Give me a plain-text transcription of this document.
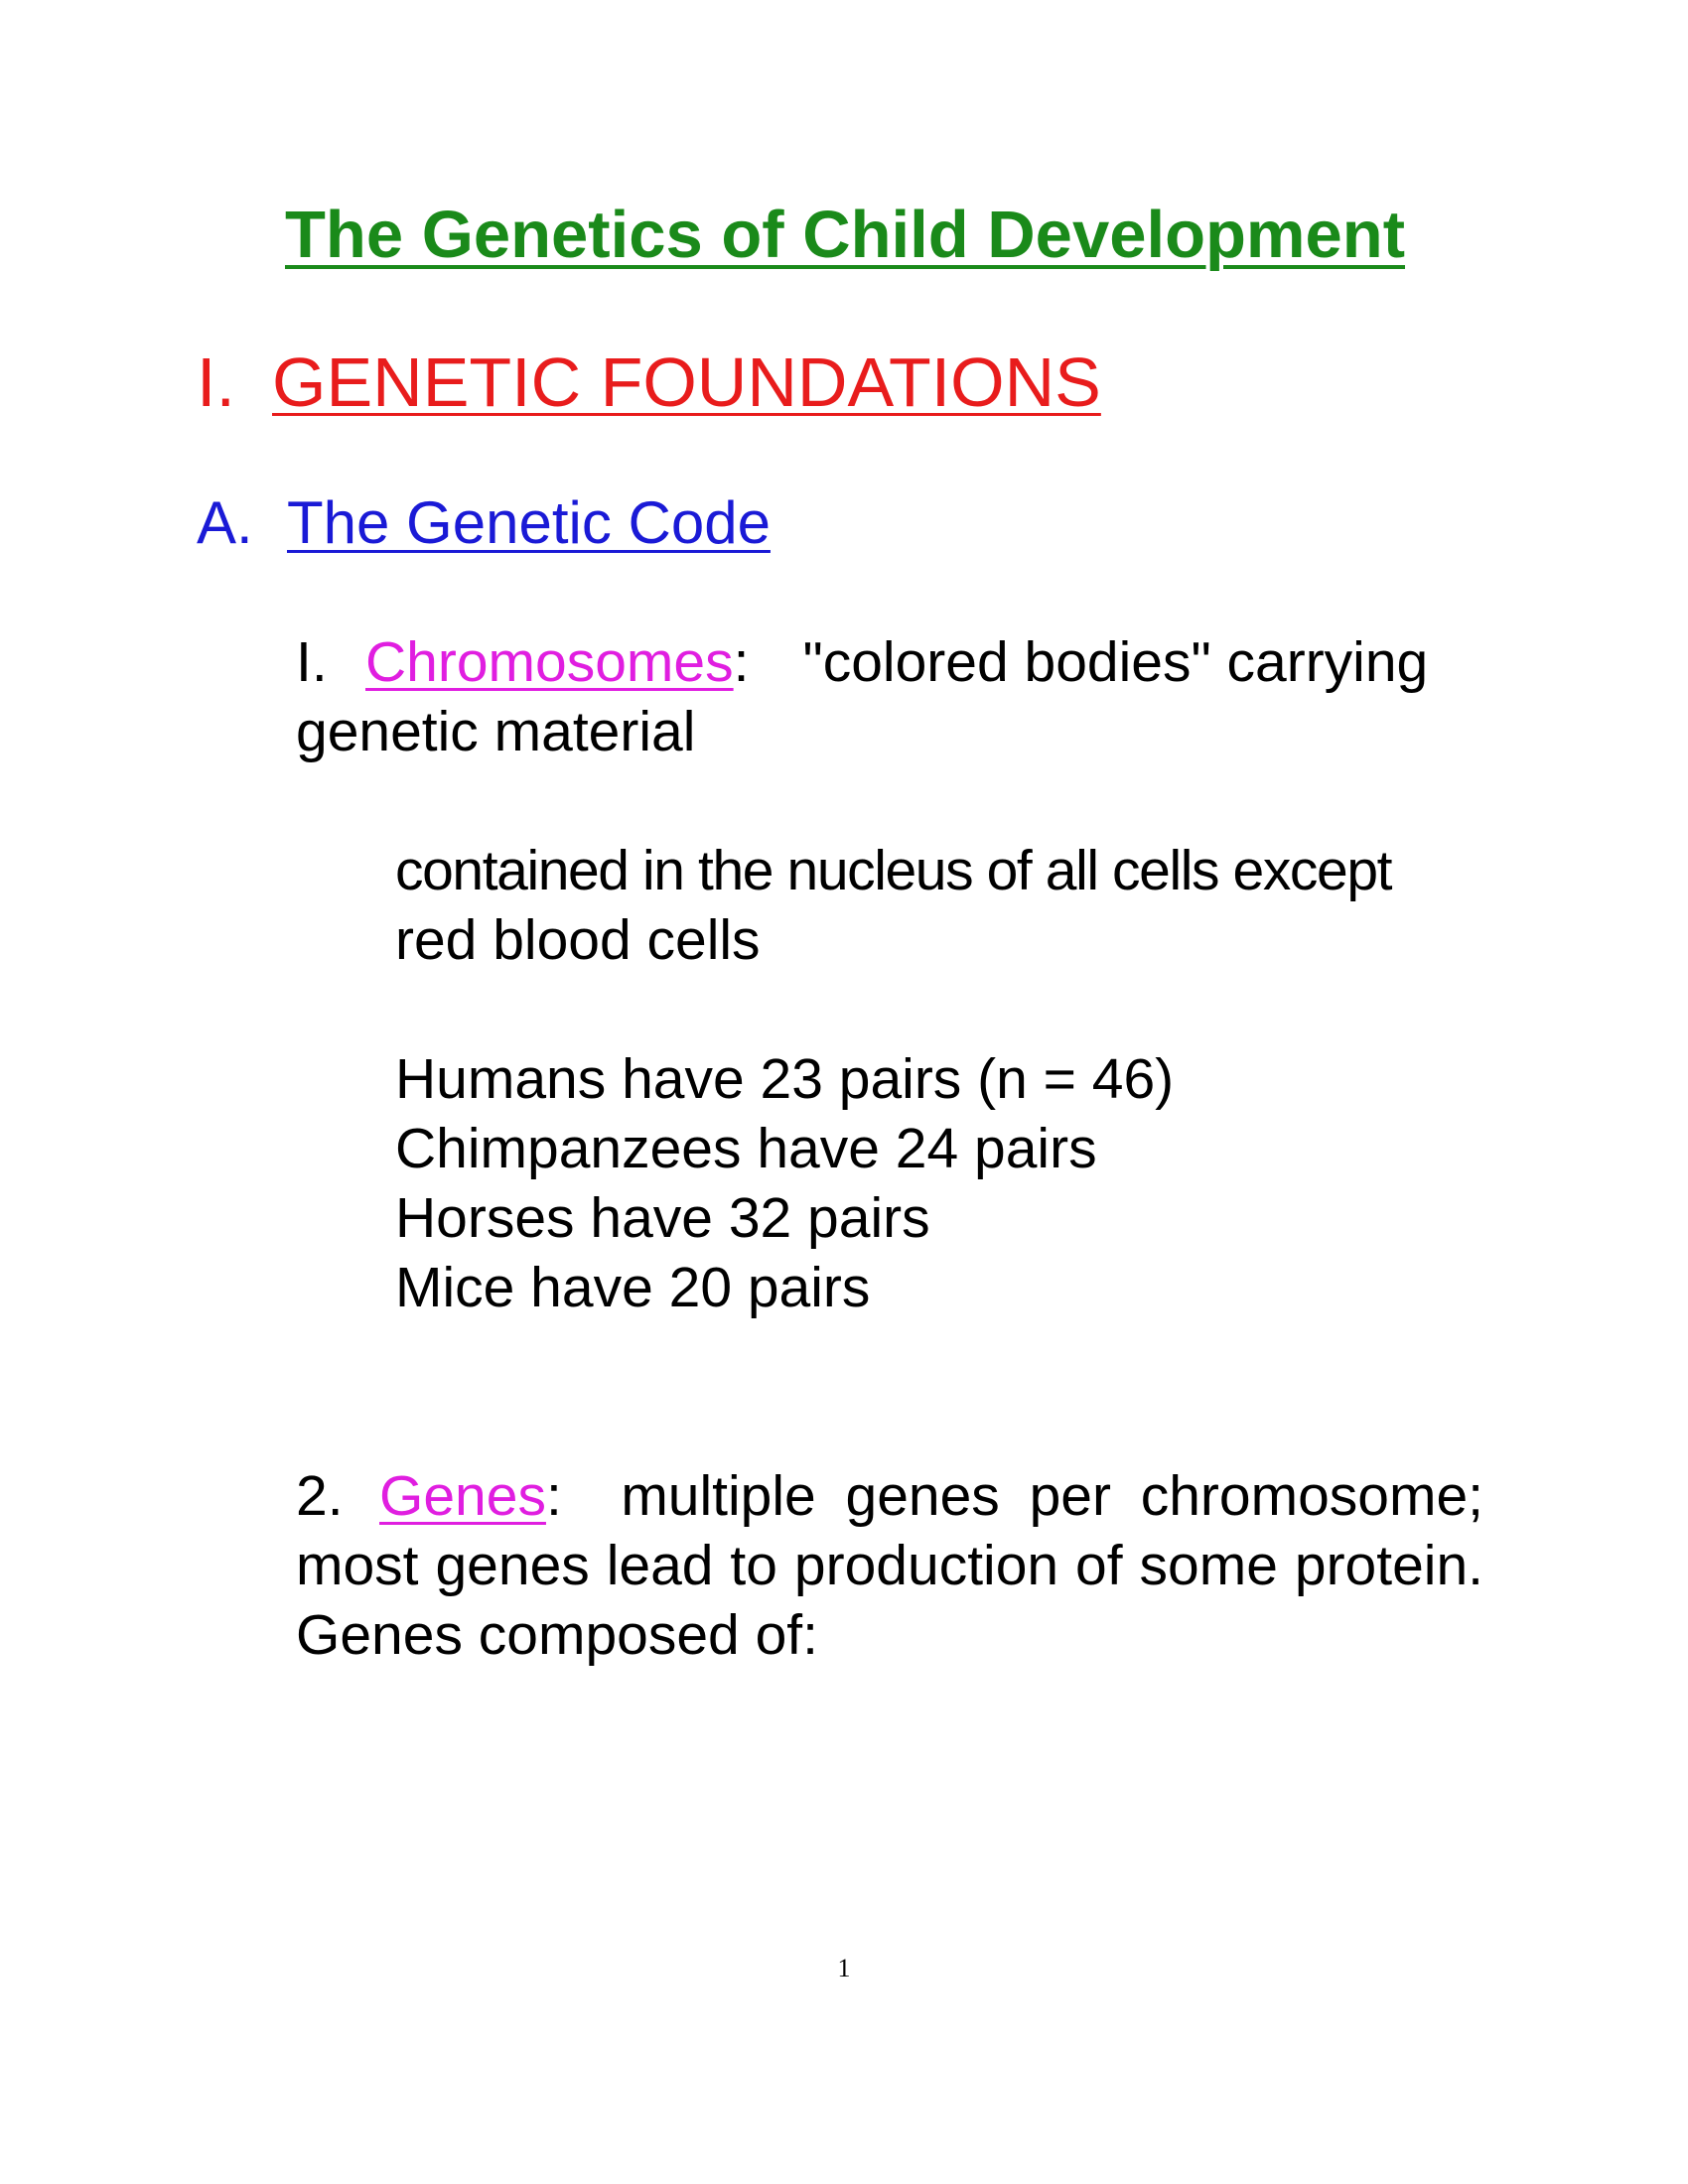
The Genetics of Child Development
I. GENETIC FOUNDATIONS
A. The Genetic Code
I. Chromosomes: "colored bodies" carrying
genetic material
contained in the nucleus of all cells except
red blood cells
Humans have 23 pairs (n = 46)
Chimpanzees have 24 pairs
Horses have 32 pairs
Mice have 20 pairs
2. Genes: multiple genes per chromosome; most genes lead to production of some protein. Genes composed of:
1
